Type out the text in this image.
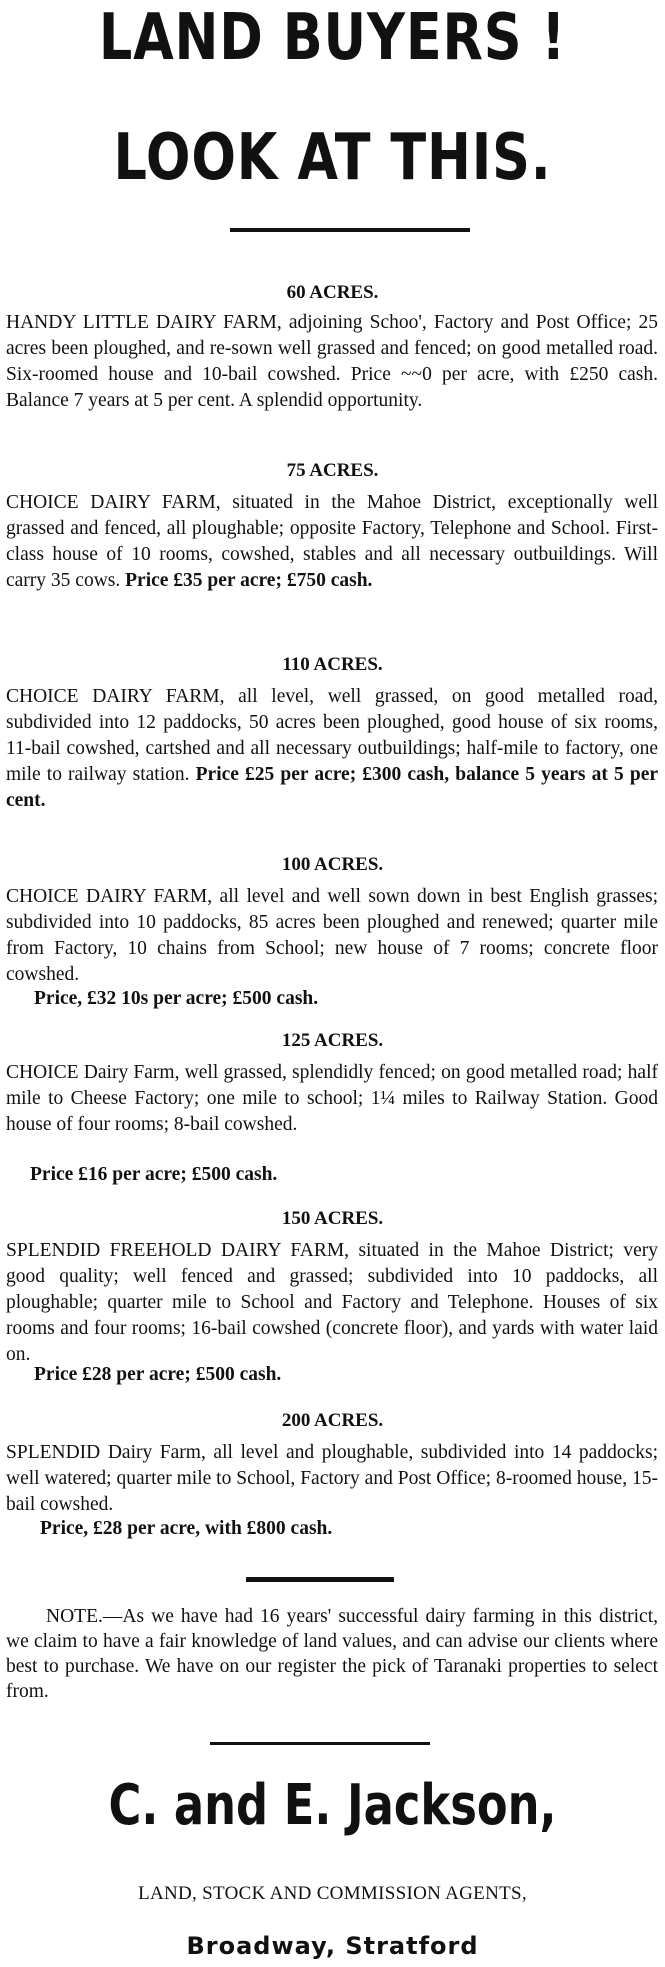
LAND BUYERS !
LOOK AT THIS.
60 ACRES.
HANDY LITTLE DAIRY FARM, adjoining Schoo', Factory and Post Office; 25 acres been ploughed, and re-sown well grassed and fenced; on good metalled road. Six-roomed house and 10-bail cowshed. Price ~~0 per acre, with £250 cash. Balance 7 years at 5 per cent. A splendid opportunity.
75 ACRES.
CHOICE DAIRY FARM, situated in the Mahoe District, exceptionally well grassed and fenced, all ploughable; opposite Factory, Telephone and School. First-class house of 10 rooms, cowshed, stables and all necessary outbuildings. Will carry 35 cows. Price £35 per acre; £750 cash.
110 ACRES.
CHOICE DAIRY FARM, all level, well grassed, on good metalled road, subdivided into 12 paddocks, 50 acres been ploughed, good house of six rooms, 11-bail cowshed, cartshed and all necessary outbuildings; half-mile to factory, one mile to railway station. Price £25 per acre; £300 cash, balance 5 years at 5 per cent.
100 ACRES.
CHOICE DAIRY FARM, all level and well sown down in best English grasses; subdivided into 10 paddocks, 85 acres been ploughed and renewed; quarter mile from Factory, 10 chains from School; new house of 7 rooms; concrete floor cowshed.
Price, £32 10s per acre; £500 cash.
125 ACRES.
CHOICE Dairy Farm, well grassed, splendidly fenced; on good metalled road; half mile to Cheese Factory; one mile to school; 1¼ miles to Railway Station. Good house of four rooms; 8-bail cowshed.
Price £16 per acre; £500 cash.
150 ACRES.
SPLENDID FREEHOLD DAIRY FARM, situated in the Mahoe District; very good quality; well fenced and grassed; subdivided into 10 paddocks, all ploughable; quarter mile to School and Factory and Telephone. Houses of six rooms and four rooms; 16-bail cowshed (concrete floor), and yards with water laid on.
Price £28 per acre; £500 cash.
200 ACRES.
SPLENDID Dairy Farm, all level and ploughable, subdivided into 14 paddocks; well watered; quarter mile to School, Factory and Post Office; 8-roomed house, 15-bail cowshed.
Price, £28 per acre, with £800 cash.
NOTE.—As we have had 16 years' successful dairy farming in this district, we claim to have a fair knowledge of land values, and can advise our clients where best to purchase. We have on our register the pick of Taranaki properties to select from.
C. and E. Jackson,
LAND, STOCK AND COMMISSION AGENTS,
Broadway, Stratford
